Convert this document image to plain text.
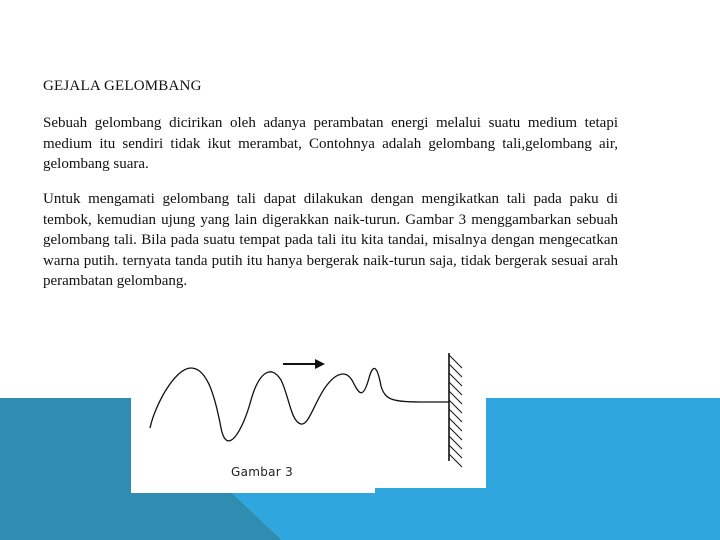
GEJALA GELOMBANG

Sebuah gelombang dicirikan oleh adanya perambatan energi melalui suatu medium tetapi medium itu sendiri tidak ikut merambat, Contohnya adalah gelombang tali,gelombang air, gelombang suara.

Untuk mengamati gelombang tali dapat dilakukan dengan mengikatkan tali pada paku di tembok, kemudian ujung yang lain digerakkan naik-turun. Gambar 3 menggambarkan sebuah gelombang tali. Bila pada suatu tempat pada tali itu kita tandai, misalnya dengan mengecatkan warna putih. ternyata tanda putih itu hanya bergerak naik-turun saja, tidak bergerak sesuai arah perambatan gelombang.

Gambar 3
